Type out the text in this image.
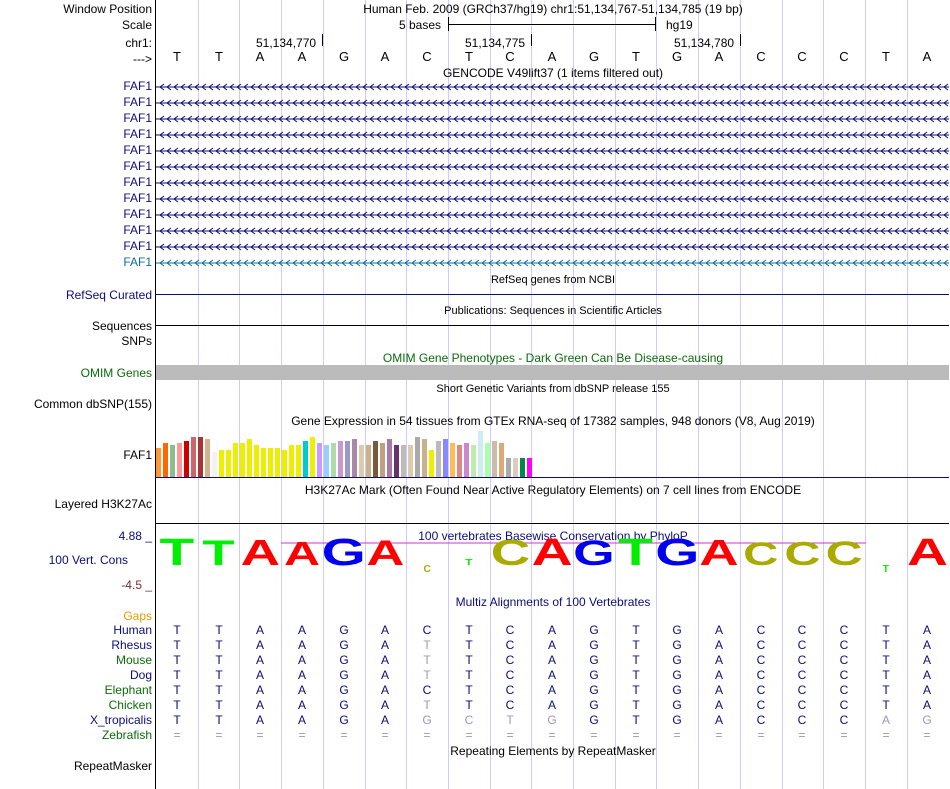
Window Position	Human Feb. 2009 (GRCh37/hg19) chr1:51,134,767-51,134,785 (19 bp)
Scale	5 bases	hg19
chr1:	51,134,770	51,134,775	51,134,780
--->	T	T	A	A	G	A	C	T	C	A	G	T	G	A	C	C	C	T	A
GENCODE V49lift37 (1 items filtered out)
FAF1
FAF1
FAF1
FAF1
FAF1
FAF1
FAF1
FAF1
FAF1
FAF1
FAF1
FAF1
RefSeq genes from NCBI
RefSeq Curated
Publications: Sequences in Scientific Articles
Sequences
SNPs
OMIM Gene Phenotypes - Dark Green Can Be Disease-causing
OMIM Genes
Short Genetic Variants from dbSNP release 155
Common dbSNP(155)
Gene Expression in 54 tissues from GTEx RNA-seq of 17382 samples, 948 donors (V8, Aug 2019)
FAF1
H3K27Ac Mark (Often Found Near Active Regulatory Elements) on 7 cell lines from ENCODE
Layered H3K27Ac
4.88 _	100 vertebrates Basewise Conservation by PhyloP
100 Vert. Cons
-4.5 _
T T A A G A C
T C A G T G A C C C T A
Multiz Alignments of 100 Vertebrates
Gaps
Human	T	T	A	A	G	A	C	T	C	A	G	T	G	A	C	C	C	T	A
Rhesus	T	T	A	A	G	A	T	T	C	A	G	T	G	A	C	C	C	T	A
Mouse	T	T	A	A	G	A	T	T	C	A	G	T	G	A	C	C	C	T	A
Dog	T	T	A	A	G	A	T	T	C	A	G	T	G	A	C	C	C	T	A
Elephant	T	T	A	A	G	A	C	T	C	A	G	T	G	A	C	C	C	T	A
Chicken	T	T	A	A	G	A	T	T	C	A	G	T	G	A	C	C	C	T	A
X_tropicalis	T	T	A	A	G	A	G	C	T	G	G	T	G	A	C	C	C	A	G
Zebrafish	=	=	=	=	=	=	=	=	=	=	=	=	=	=	=	=	=	=	=
Repeating Elements by RepeatMasker
RepeatMasker
